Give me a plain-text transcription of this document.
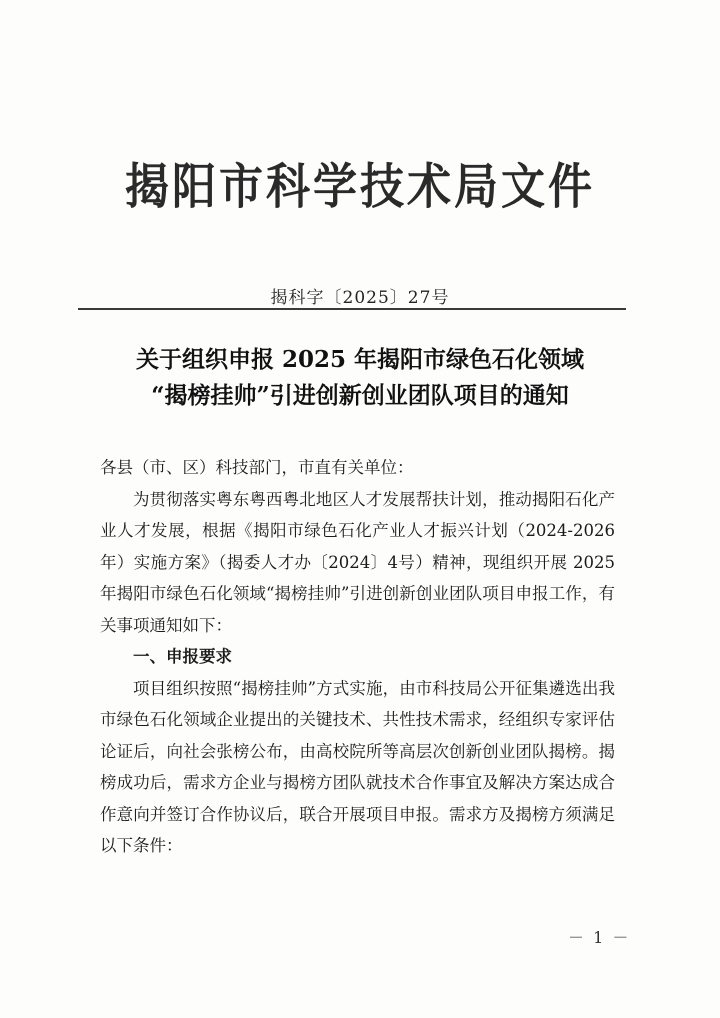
揭阳市科学技术局文件
揭科字〔2025〕27号
关于组织申报 2025 年揭阳市绿色石化领域
“揭榜挂帅”引进创新创业团队项目的通知

各县（市、区）科技部门，市直有关单位：

为贯彻落实粤东粤西粤北地区人才发展帮扶计划，推动揭阳石化产业人才发展，根据《揭阳市绿色石化产业人才振兴计划（2024-2026年）实施方案》（揭委人才办〔2024〕4号）精神，现组织开展 2025 年揭阳市绿色石化领域“揭榜挂帅”引进创新创业团队项目申报工作，有关事项通知如下：

一、申报要求

项目组织按照“揭榜挂帅”方式实施，由市科技局公开征集遴选出我市绿色石化领域企业提出的关键技术、共性技术需求，经组织专家评估论证后，向社会张榜公布，由高校院所等高层次创新创业团队揭榜。揭榜成功后，需求方企业与揭榜方团队就技术合作事宜及解决方案达成合作意向并签订合作协议后，联合开展项目申报。需求方及揭榜方须满足以下条件：

－ 1 －
